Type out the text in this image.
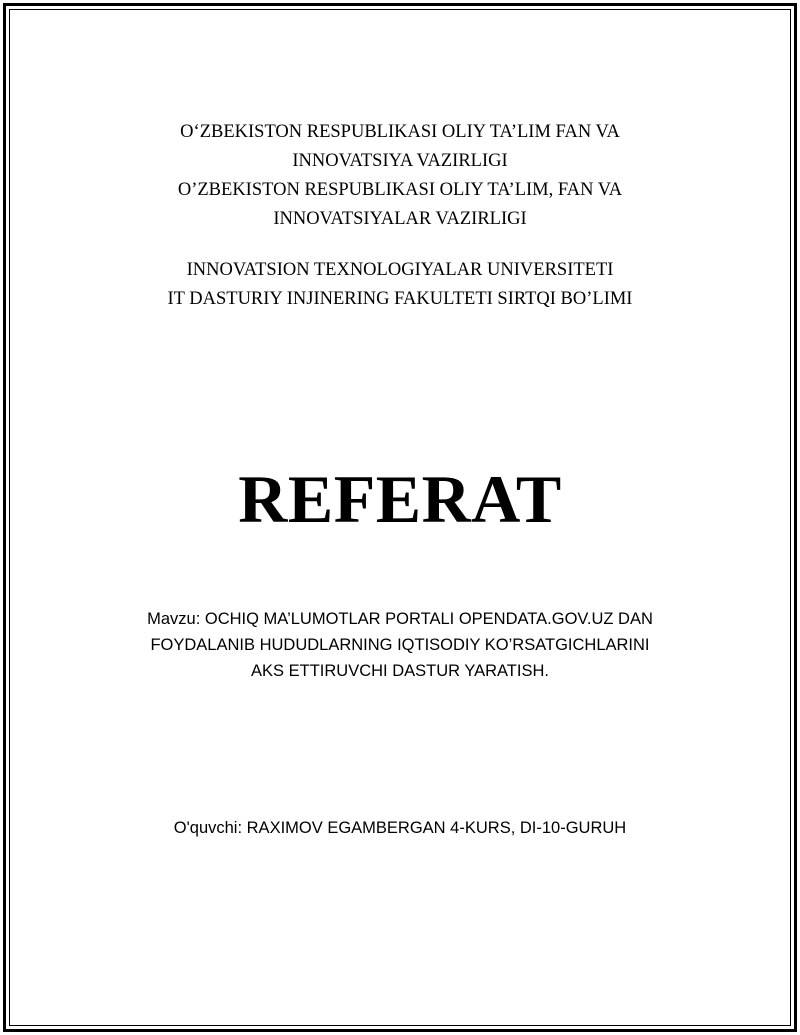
O‘ZBEKISTON RESPUBLIKASI OLIY TA’LIM FAN VA
INNOVATSIYA VAZIRLIGI
O’ZBEKISTON RESPUBLIKASI OLIY TA’LIM, FAN VA
INNOVATSIYALAR VAZIRLIGI
INNOVATSION TEXNOLOGIYALAR UNIVERSITETI
IT DASTURIY INJINERING FAKULTETI SIRTQI BO’LIMI
REFERAT
Mavzu: OCHIQ MA’LUMOTLAR PORTALI OPENDATA.GOV.UZ DAN
FOYDALANIB HUDUDLARNING IQTISODIY KO’RSATGICHLARINI
AKS ETTIRUVCHI DASTUR YARATISH.
O'quvchi: RAXIMOV EGAMBERGAN 4-KURS, DI-10-GURUH
